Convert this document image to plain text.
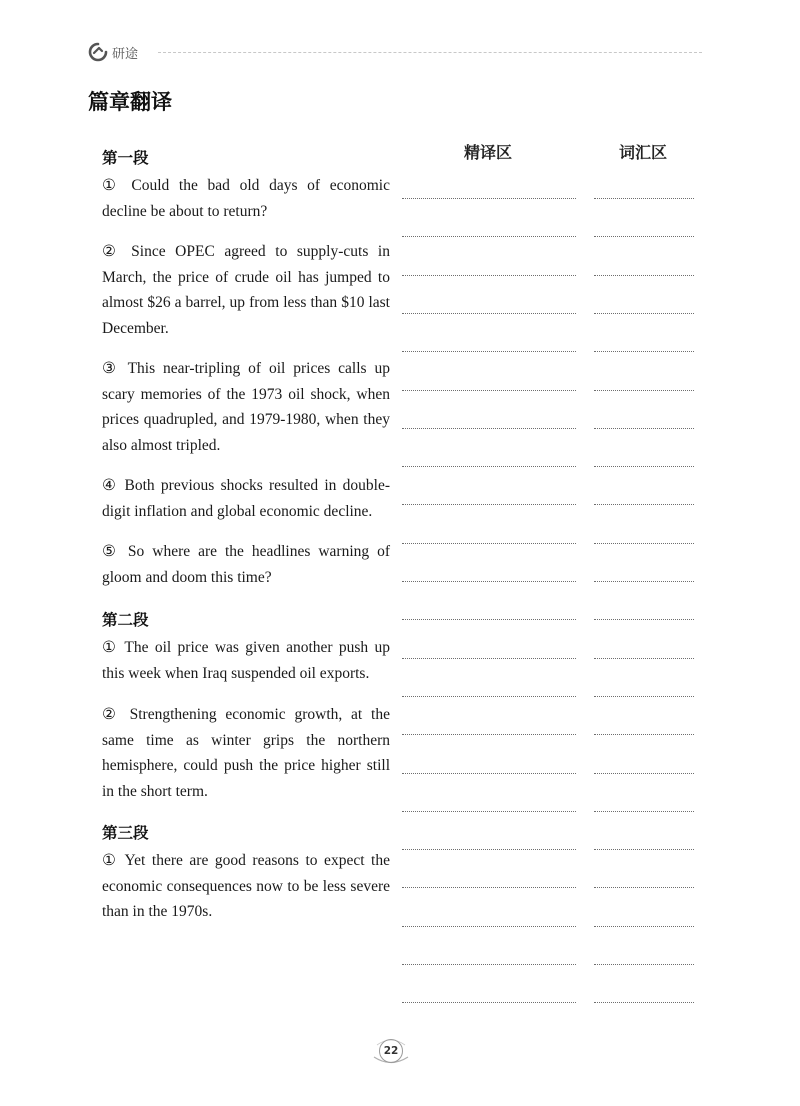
研途
篇章翻译
精译区	词汇区
第一段

① Could the bad old days of economic decline be about to return?

② Since OPEC agreed to supply-cuts in March, the price of crude oil has jumped to almost $26 a barrel, up from less than $10 last December.

③ This near-tripling of oil prices calls up scary memories of the 1973 oil shock, when prices quadrupled, and 1979-1980, when they also almost tripled.

④ Both previous shocks resulted in double-digit inflation and global economic decline.

⑤ So where are the headlines warning of gloom and doom this time?

第二段

① The oil price was given another push up this week when Iraq suspended oil exports.

② Strengthening economic growth, at the same time as winter grips the northern hemisphere, could push the price higher still in the short term.

第三段

① Yet there are good reasons to expect the economic consequences now to be less severe than in the 1970s.

22
